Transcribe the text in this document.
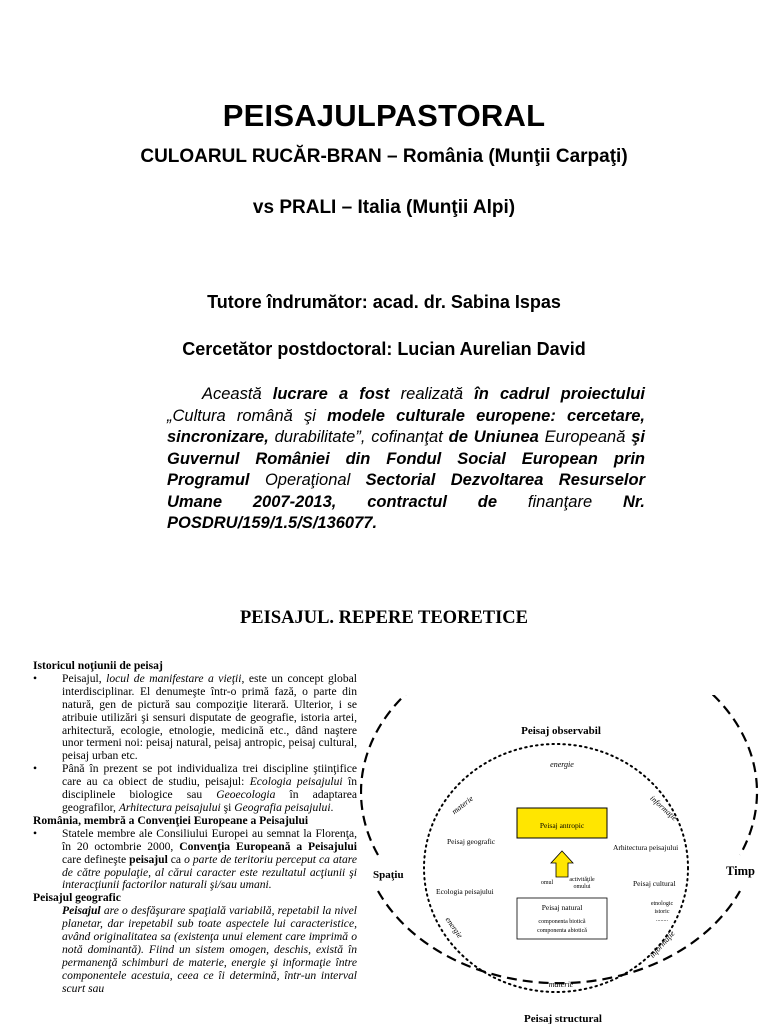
PEISAJULPASTORAL
CULOARUL RUCĂR-BRAN – România (Munţii Carpaţi)
vs PRALI – Italia (Munţii Alpi)
Tutore îndrumător: acad. dr. Sabina Ispas
Cercetător postdoctoral: Lucian Aurelian David
Această lucrare a fost realizată în cadrul proiectului „Cultura română şi modele culturale europene: cercetare, sincronizare, durabilitate”, cofinanţat de Uniunea Europeană şi Guvernul României din Fondul Social European prin Programul Operaţional Sectorial Dezvoltarea Resurselor Umane 2007-2013, contractul de finanţare Nr. POSDRU/159/1.5/S/136077.
PEISAJUL. REPERE TEORETICE
Istoricul noţiunii de peisaj
• Peisajul, locul de manifestare a vieţii, este un concept global interdisciplinar. El denumeşte într-o primă fază, o parte din natură, gen de pictură sau compoziţie literară. Ulterior, i se atribuie utilizări şi sensuri disputate de geografie, istoria artei, arhitectură, ecologie, etnologie, medicină etc., dând naştere unor termeni noi: peisaj natural, peisaj antropic, peisaj cultural, peisaj urban etc.
• Până în prezent se pot individualiza trei discipline ştiinţifice care au ca obiect de studiu, peisajul: Ecologia peisajului în disciplinele biologice sau Geoecologia în adaptarea geografilor, Arhitectura peisajului şi Geografia peisajului.
România, membră a Convenţiei Europeane a Peisajului
• Statele membre ale Consiliului Europei au semnat la Florenţa, în 20 octombrie 2000, Convenţia Europeană a Peisajului care defineşte peisajul ca o parte de teritoriu perceput ca atare de către populaţie, al cărui caracter este rezultatul acţiunii şi interacţiunii factorilor naturali şi/sau umani.
Peisajul geografic

Peisajul are o desfăşurare spaţială variabilă, repetabil la nivel planetar, dar irepetabil sub toate aspectele lui caracteristice, având originalitatea sa (existenţa unui element care imprimă o notă dominantă). Fiind un sistem omogen, deschis, există în permanenţă schimburi de materie, energie şi informaţie între componentele acestuia, ceea ce îi determină, într-un interval scurt sau

Peisaj observabil
Peisaj structural
Spaţiu	Timp
energie
materie
materie	informaţie
energie
informaţie
Peisaj antropic
Peisaj geografic
Arhitectura peisajului
Ecologia peisajului
Peisaj cultural
etnologic
istoric
........
omul	activităţile
omului
Peisaj natural
componenta biotică
componenta abiotică
